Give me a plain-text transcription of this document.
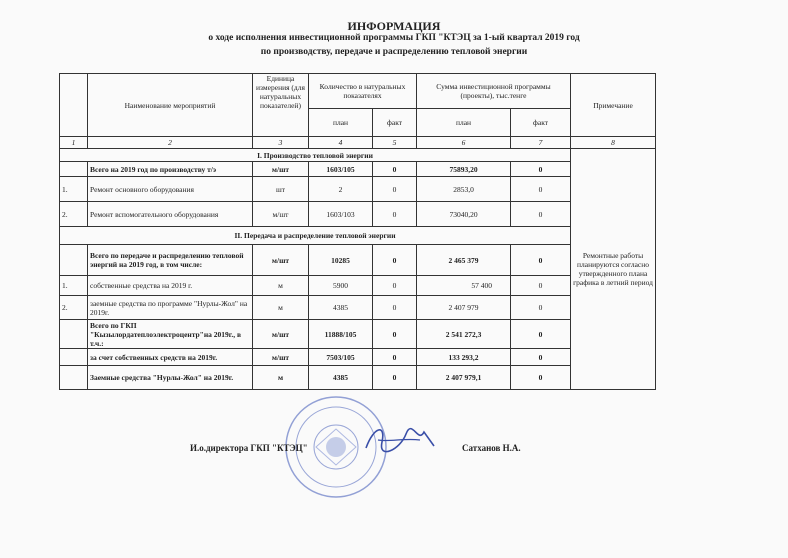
ИНФОРМАЦИЯ
о ходе исполнения инвестиционной программы ГКП "КТЭЦ за 1-ый квартал 2019 год
по производству, передаче и распределению тепловой энергии
	Наименование мероприятий	Единица измерения (для натуральных показателей)	Количество в натуральных показателях		Сумма инвестиционной программы (проекты), тыс.тенге		Примечание
			план	факт	план	факт	
1	2	3	4	5	6	7	8
I. Производство тепловой энергии							Ремонтные работы планируются согласно утвержденного плана графика в летний период
	Всего на 2019 год по производству т/э	м/шт	1603/105	0	75893,20	0	
1.	Ремонт основного оборудования	шт	2	0	2853,0	0	
2.	Ремонт вспомогательного оборудования	м/шт	1603/103	0	73040,20	0	
II. Передача и распределение тепловой энергии							
	Всего по передаче и распределению тепловой энергий на 2019 год, в том числе:	м/шт	10285	0	2 465 379	0	
1.	собственные средства на 2019 г.	м	5900	0	57 400	0	
2.	заемные средства по программе "Нурлы-Жол" на 2019г.	м	4385	0	2 407 979	0	
	Всего по ГКП "Кызылордатеплоэлектроцентр"на 2019г., в т.ч.:	м/шт	11888/105	0	2 541 272,3	0	
	за счет собственных средств на 2019г.	м/шт	7503/105	0	133 293,2	0	
	Заемные средства "Нурлы-Жол" на 2019г.	м	4385	0	2 407 979,1	0	
И.о.директора ГКП "КТЭЦ"	Сатханов Н.А.
